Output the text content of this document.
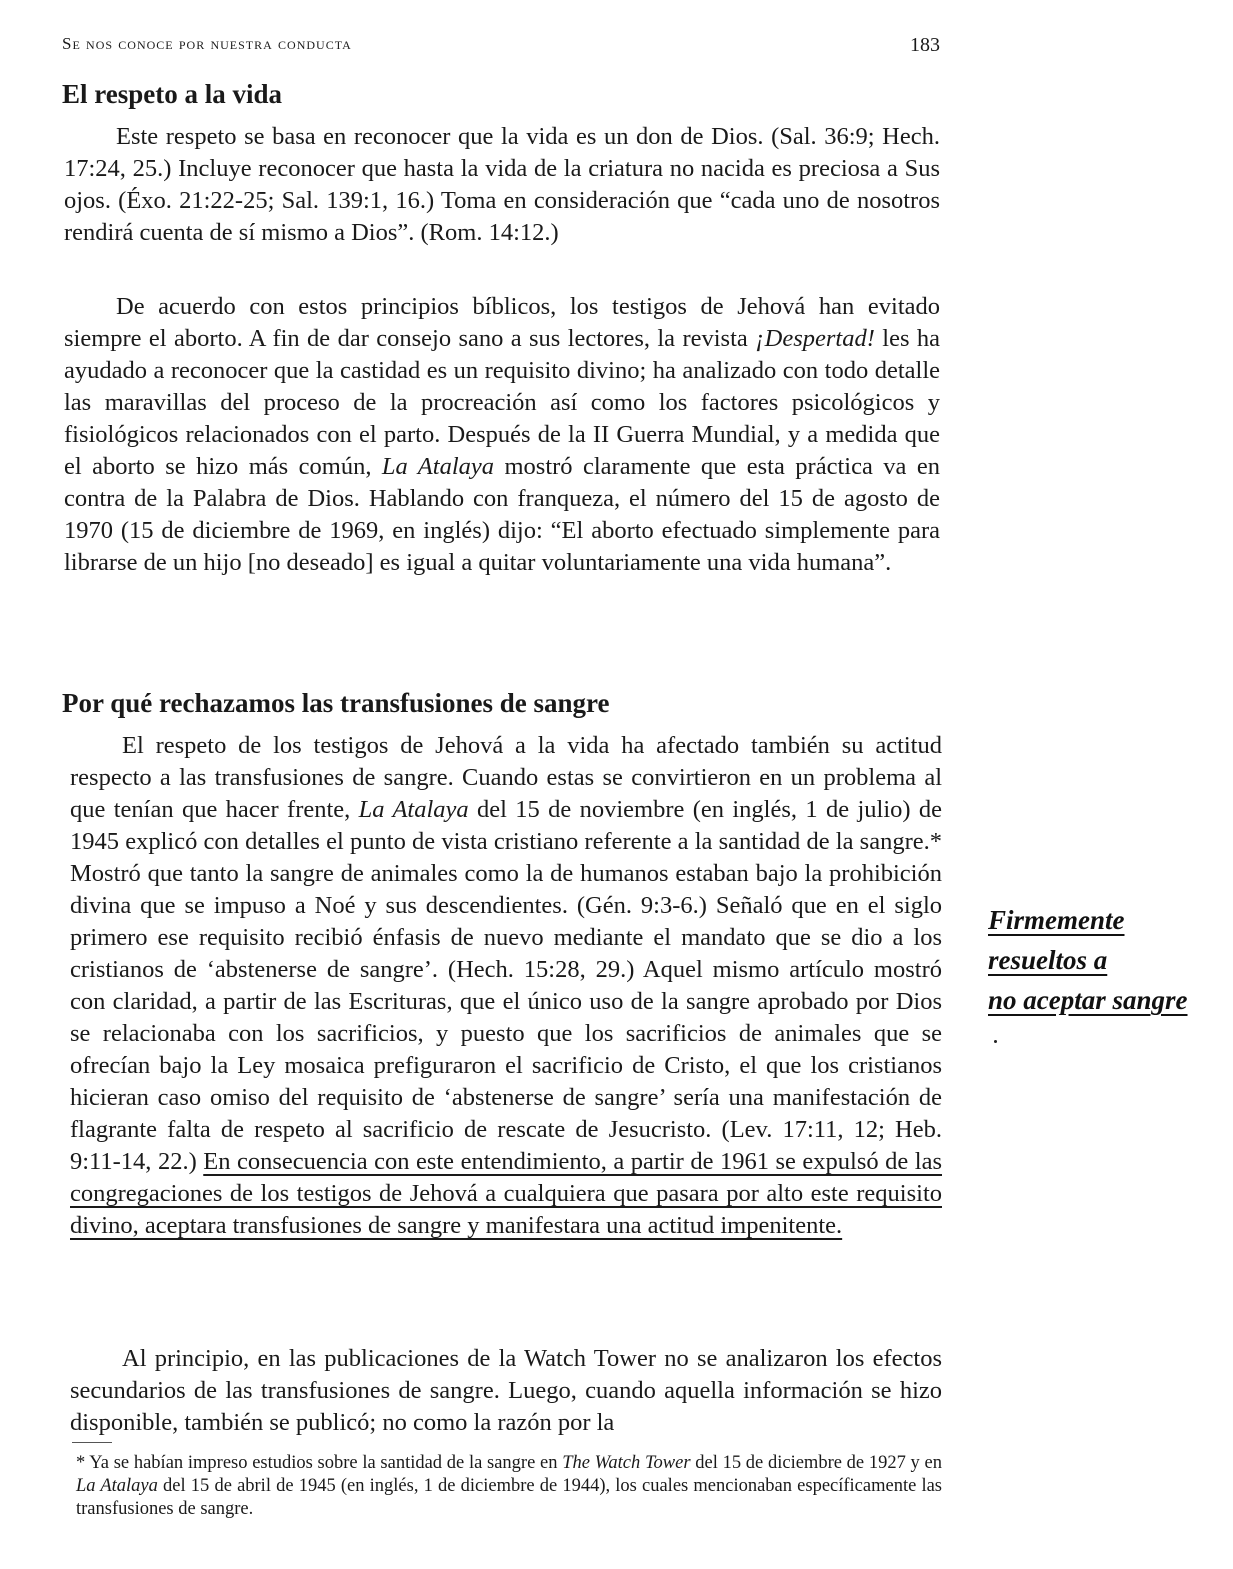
Se nos conoce por nuestra conducta	183
El respeto a la vida

Este respeto se basa en reconocer que la vida es un don de Dios. (Sal. 36:9; Hech. 17:24, 25.) Incluye reconocer que hasta la vida de la criatura no nacida es preciosa a Sus ojos. (Éxo. 21:22-25; Sal. 139:1, 16.) Toma en consideración que “cada uno de nosotros rendirá cuenta de sí mismo a Dios”. (Rom. 14:12.)

De acuerdo con estos principios bíblicos, los testigos de Jehová han evitado siempre el aborto. A fin de dar consejo sano a sus lectores, la revista ¡Despertad! les ha ayudado a reconocer que la castidad es un requisito divino; ha analizado con todo detalle las maravillas del proceso de la procreación así como los factores psicológicos y fisiológicos relacionados con el parto. Después de la II Guerra Mundial, y a medida que el aborto se hizo más común, La Atalaya mostró claramente que esta práctica va en contra de la Palabra de Dios. Hablando con franqueza, el número del 15 de agosto de 1970 (15 de diciembre de 1969, en inglés) dijo: “El aborto efectuado simplemente para librarse de un hijo [no deseado] es igual a quitar voluntariamente una vida humana”.

Por qué rechazamos las transfusiones de sangre

El respeto de los testigos de Jehová a la vida ha afectado también su actitud respecto a las transfusiones de sangre. Cuando estas se convirtieron en un problema al que tenían que hacer frente, La Atalaya del 15 de noviembre (en inglés, 1 de julio) de 1945 explicó con detalles el punto de vista cristiano referente a la santidad de la sangre.* Mostró que tanto la sangre de animales como la de humanos estaban bajo la prohibición divina que se impuso a Noé y sus descendientes. (Gén. 9:3-6.) Señaló que en el siglo primero ese requisito recibió énfasis de nuevo mediante el mandato que se dio a los cristianos de ‘abstenerse de sangre’. (Hech. 15:28, 29.) Aquel mismo artículo mostró con claridad, a partir de las Escrituras, que el único uso de la sangre aprobado por Dios se relacionaba con los sacrificios, y puesto que los sacrificios de animales que se ofrecían bajo la Ley mosaica prefiguraron el sacrificio de Cristo, el que los cristianos hicieran caso omiso del requisito de ‘abstenerse de sangre’ sería una manifestación de flagrante falta de respeto al sacrificio de rescate de Jesucristo. (Lev. 17:11, 12; Heb. 9:11-14, 22.) En consecuencia con este entendimiento, a partir de 1961 se expulsó de las congregaciones de los testigos de Jehová a cualquiera que pasara por alto este requisito divino, aceptara transfusiones de sangre y manifestara una actitud impenitente.

Al principio, en las publicaciones de la Watch Tower no se analizaron los efectos secundarios de las transfusiones de sangre. Luego, cuando aquella información se hizo disponible, también se publicó; no como la razón por la

Firmemente
resueltos a
no aceptar sangre

* Ya se habían impreso estudios sobre la santidad de la sangre en The Watch Tower del 15 de diciembre de 1927 y en La Atalaya del 15 de abril de 1945 (en inglés, 1 de diciembre de 1944), los cuales mencionaban específicamente las transfusiones de sangre.
